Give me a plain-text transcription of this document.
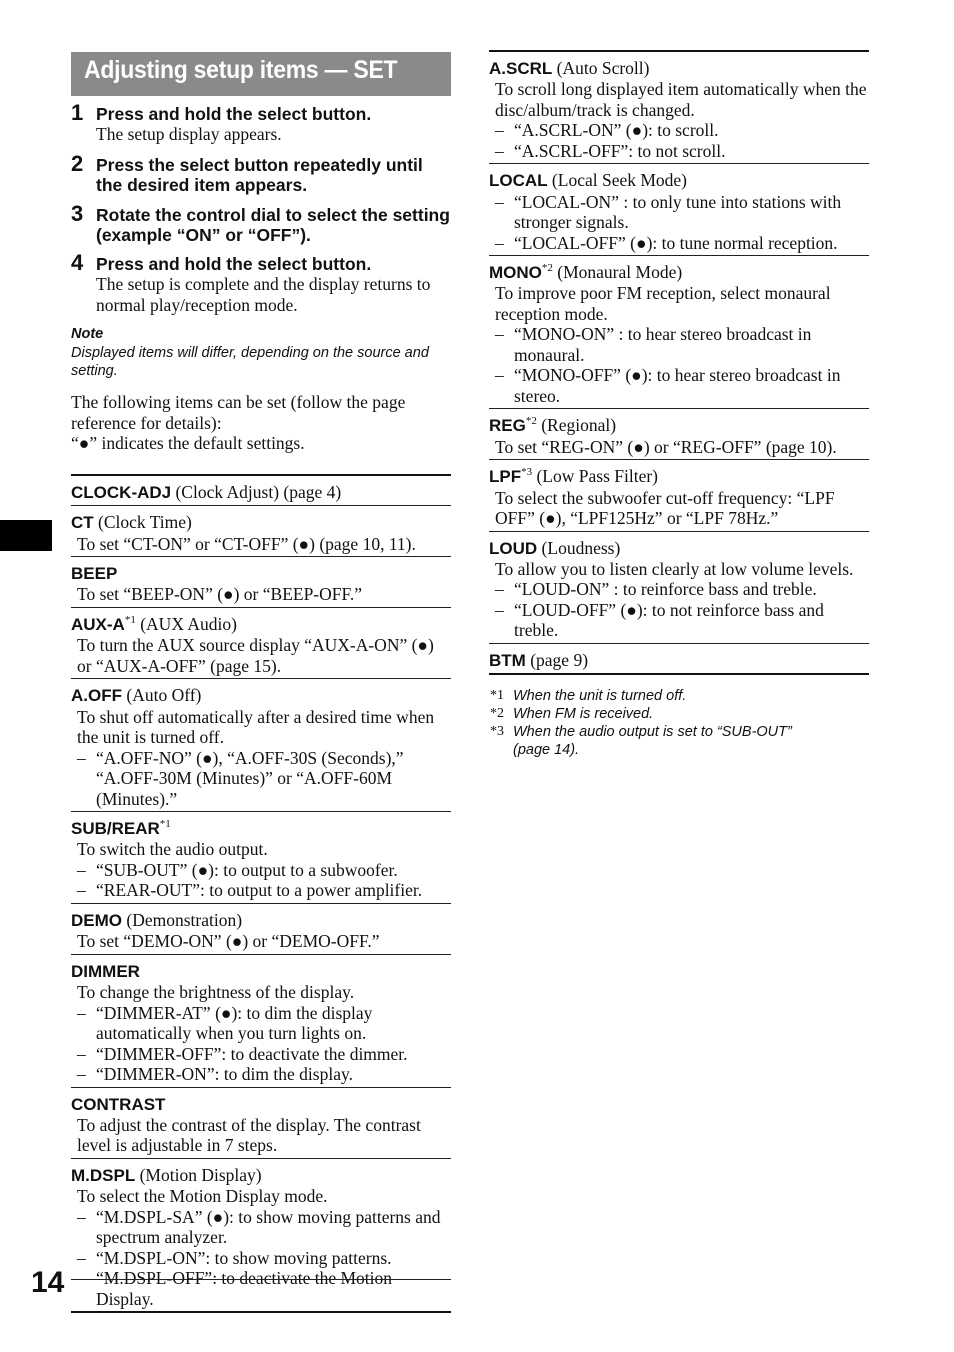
Adjusting setup items — SET
1 Press and hold the select button.
The setup display appears.
2 Press the select button repeatedly until the desired item appears.
3 Rotate the control dial to select the setting (example “ON” or “OFF”).
4 Press and hold the select button.
The setup is complete and the display returns to normal play/reception mode.
Note
Displayed items will differ, depending on the source and setting.
The following items can be set (follow the page reference for details):
“●” indicates the default settings.
CLOCK-ADJ (Clock Adjust) (page 4)
CT (Clock Time)
To set “CT-ON” or “CT-OFF” (●) (page 10, 11).
BEEP
To set “BEEP-ON” (●) or “BEEP-OFF.”
AUX-$A^{*1}$ (AUX Audio)
To turn the AUX source display “AUX-A-ON” (●) or “AUX-A-OFF” (page 15).
A.OFF (Auto Off)
To shut off automatically after a desired time when the unit is turned off.
– “A.OFF-NO” (●), “A.OFF-30S (Seconds),” “A.OFF-30M (Minutes)” or “A.OFF-60M (Minutes).”
SUB/REAR$^{*1}$
To switch the audio output.
– “SUB-OUT” (●): to output to a subwoofer.
– “REAR-OUT”: to output to a power amplifier.
DEMO (Demonstration)
To set “DEMO-ON” (●) or “DEMO-OFF.”
DIMMER
To change the brightness of the display.
– “DIMMER-AT” (●): to dim the display automatically when you turn lights on.
– “DIMMER-OFF”: to deactivate the dimmer.
– “DIMMER-ON”: to dim the display.
CONTRAST
To adjust the contrast of the display. The contrast level is adjustable in 7 steps.
M.DSPL (Motion Display)
To select the Motion Display mode.
– “M.DSPL-SA” (●): to show moving patterns and spectrum analyzer.
– “M.DSPL-ON”: to show moving patterns.
– “M.DSPL-OFF”: to deactivate the Motion Display.
A.SCRL (Auto Scroll)
To scroll long displayed item automatically when the disc/album/track is changed.
– “A.SCRL-ON” (●): to scroll.
– “A.SCRL-OFF”: to not scroll.
LOCAL (Local Seek Mode)
– “LOCAL-ON” : to only tune into stations with stronger signals.
– “LOCAL-OFF” (●): to tune normal reception.
MONO$^{*2}$ (Monaural Mode)
To improve poor FM reception, select monaural reception mode.
– “MONO-ON” : to hear stereo broadcast in monaural.
– “MONO-OFF” (●): to hear stereo broadcast in stereo.
REG$^{*2}$ (Regional)
To set “REG-ON” (●) or “REG-OFF” (page 10).
LPF$^{*3}$ (Low Pass Filter)
To select the subwoofer cut-off frequency: “LPF OFF” (●), “LPF125Hz” or “LPF 78Hz.”
LOUD (Loudness)
To allow you to listen clearly at low volume levels.
– “LOUD-ON” : to reinforce bass and treble.
– “LOUD-OFF” (●): to not reinforce bass and treble.
BTM (page 9)
*1 When the unit is turned off.
*2 When FM is received.
*3 When the audio output is set to “SUB-OUT” (page 14).
14
